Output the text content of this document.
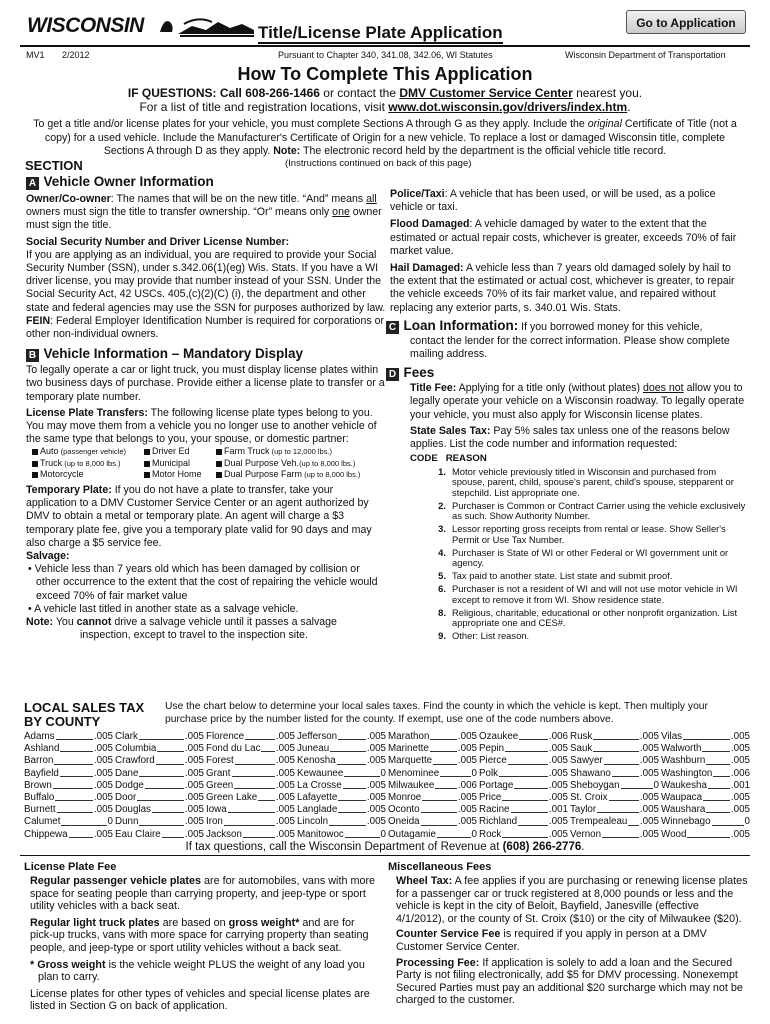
WISCONSIN	Title/License Plate Application	Go to Application
MV1 2/2012	Pursuant to Chapter 340, 341.08, 342.06, WI Statutes	Wisconsin Department of Transportation
How To Complete This Application
IF QUESTIONS: Call 608-266-1466 or contact the DMV Customer Service Center nearest you.
For a list of title and registration locations, visit www.dot.wisconsin.gov/drivers/index.htm.
To get a title and/or license plates for your vehicle, you must complete Sections A through G as they apply. Include the original Certificate of Title (not a copy) for a used vehicle. Include the Manufacturer's Certificate of Origin for a new vehicle. To replace a lost or damaged Wisconsin title, complete Sections A through D as they apply. Note: The electronic record held by the department is the official vehicle title record.
SECTION	(Instructions continued on back of this page)
A Vehicle Owner Information

Owner/Co-owner: The names that will be on the new title. “And” means all owners must sign the title to transfer ownership. “Or” means only one owner must sign the title.

Social Security Number and Driver License Number:
If you are applying as an individual, you are required to provide your Social Security Number (SSN), under s.342.06(1)(eg) Wis. Stats. If you have a WI driver license, you may provide that number instead of your SSN. Under the Social Security Act, 42 USCs. 405,(c)(2)(C) (i), the department and other state and federal agencies may use the SSN for purposes authorized by law. FEIN: Federal Employer Identification Number is required for corporations or other non-individual owners.

B Vehicle Information – Mandatory Display

To legally operate a car or light truck, you must display license plates within two business days of purchase. Provide either a license plate to transfer or a temporary plate number.

License Plate Transfers: The following license plate types belong to you. You may move them from a vehicle you no longer use to another vehicle of the same type that belongs to you, your spouse, or domestic partner:

Auto (passenger vehicle)	Driver Ed	Farm Truck (up to 12,000 lbs.)
Truck (up to 8,000 lbs.)	Municipal	Dual Purpose Veh.(up to 8,000 lbs.)
Motorcycle	Motor Home	Dual Purpose Farm (up to 8,000 lbs.)

Temporary Plate: If you do not have a plate to transfer, take your application to a DMV Customer Service Center or an agent authorized by DMV to obtain a metal or temporary plate. An agent will charge a $3 temporary plate fee, give you a temporary plate valid for 90 days and may also charge a $5 service fee.

Salvage:

• Vehicle less than 7 years old which has been damaged by collision or other occurrence to the extent that the cost of repairing the vehicle would exceed 70% of fair market value

• A vehicle last titled in another state as a salvage vehicle.

Note: You cannot drive a salvage vehicle until it passes a salvage inspection, except to travel to the inspection site.

Police/Taxi: A vehicle that has been used, or will be used, as a police vehicle or taxi.

Flood Damaged: A vehicle damaged by water to the extent that the estimated or actual repair costs, whichever is greater, exceeds 70% of fair market value.

Hail Damaged: A vehicle less than 7 years old damaged solely by hail to the extent that the estimated or actual cost, whichever is greater, to repair the vehicle exceeds 70% of its fair market value, and repaired without replacing any exterior parts, s. 340.01 Wis. Stats.

C Loan Information: If you borrowed money for this vehicle,

contact the lender for the correct information. Please show complete mailing address.

D Fees

Title Fee: Applying for a title only (without plates) does not allow you to legally operate your vehicle on a Wisconsin roadway. To legally operate your vehicle, you must also apply for Wisconsin license plates.

State Sales Tax: Pay 5% sales tax unless one of the reasons below applies. List the code number and information requested:

CODE REASON
1. Motor vehicle previously titled in Wisconsin and purchased from spouse, parent, child, spouse's parent, child's spouse, stepparent or stepchild. List appropriate one.
2. Purchaser is Common or Contract Carrier using the vehicle exclusively as such. Show Authority Number.
3. Lessor reporting gross receipts from rental or lease. Show Seller's Permit or Use Tax Number.
4. Purchaser is State of WI or other Federal or WI government unit or agency.
5. Tax paid to another state. List state and submit proof.
6. Purchaser is not a resident of WI and will not use motor vehicle in WI except to remove it from WI. Show residence state.
8. Religious, charitable, educational or other nonprofit organization. List appropriate one and CES#.
9. Other: List reason.
LOCAL SALES TAX
BY COUNTY
Use the chart below to determine your local sales taxes. Find the county in which the vehicle is kept. Then multiply your purchase price by the number listed for the county. If exempt, use one of the code numbers above.
Adams	.005 Clark	.005 Florence	.005 Jefferson	.005 Marathon	.005 Ozaukee	.006 Rusk	.005 Vilas	.005
Ashland	.005 Columbia	.005 Fond du Lac .005 Juneau	.005 Marinette	.005 Pepin	.005 Sauk	.005 Walworth	.005
Barron	.005 Crawford	.005 Forest	.005 Kenosha	.005 Marquette	.005 Pierce	.005 Sawyer	.005 Washburn	.005
Bayfield	.005 Dane	.005 Grant	.005 Kewaunee	0 Menominee	0 Polk	.005 Shawano	.005 Washington .006
Brown	.005 Dodge	.005 Green	.005 La Crosse	.005 Milwaukee .006 Portage	.005 Sheboygan	0 Waukesha .001
Buffalo	.005 Door	.005 Green Lake .005 Lafayette	.005 Monroe	.005 Price	.005 St. Croix	.005 Waupaca	.005
Burnett	.005 Douglas	.005 Iowa	.005 Langlade	.005 Oconto	.005 Racine	.001 Taylor	.005 Waushara	.005
Calumet	0 Dunn	.005 Iron	.005 Lincoln	.005 Oneida	.005 Richland	.005 Trempealeau .005 Winnebago	0
Chippewa	.005 Eau Claire .005 Jackson	.005 Manitowoc	0 Outagamie	0 Rock	.005 Vernon	.005 Wood	.005
If tax questions, call the Wisconsin Department of Revenue at (608) 266-2776.
License Plate Fee

Regular passenger vehicle plates are for automobiles, vans with more space for seating people than carrying property, and jeep-type or sport utility vehicles with a back seat.

Regular light truck plates are based on gross weight* and are for pick-up trucks, vans with more space for carrying property than seating people, and jeep-type or sport utility vehicles without a back seat.

* Gross weight is the vehicle weight PLUS the weight of any load you plan to carry.

License plates for other types of vehicles and special license plates are listed in Section G on back of application.

Miscellaneous Fees

Wheel Tax: A fee applies if you are purchasing or renewing license plates for a passenger car or truck registered at 8,000 pounds or less and the vehicle is kept in the city of Beloit, Bayfield, Janesville (effective 4/1/2012), or the county of St. Croix ($10) or the city of Milwaukee ($20).

Counter Service Fee is required if you apply in person at a DMV Customer Service Center.

Processing Fee: If application is solely to add a loan and the Secured Party is not filing electronically, add $5 for DMV processing. Nonexempt Secured Parties must pay an additional $20 surcharge which may not be charged to the customer.
